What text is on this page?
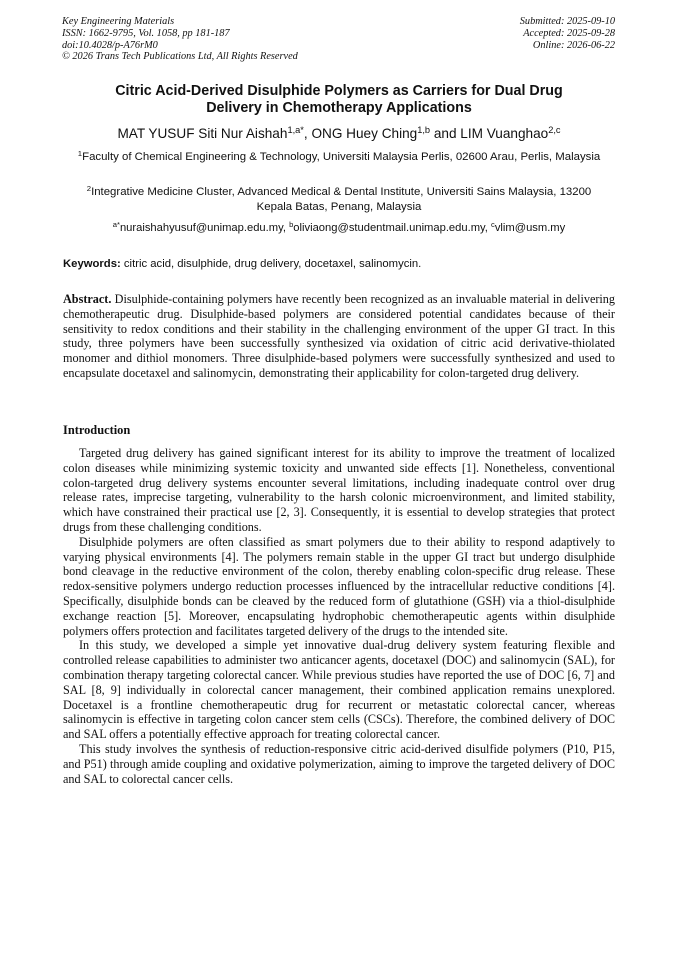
Key Engineering Materials
ISSN: 1662-9795, Vol. 1058, pp 181-187
doi:10.4028/p-A76rM0
© 2026 Trans Tech Publications Ltd, All Rights Reserved
Submitted: 2025-09-10
Accepted: 2025-09-28
Online: 2026-06-22
Citric Acid-Derived Disulphide Polymers as Carriers for Dual Drug
Delivery in Chemotherapy Applications
MAT YUSUF Siti Nur Aishah$^{1,a*}$, ONG Huey Ching$^{1,b}$ and LIM Vuanghao$^{2,c}$
$^1$Faculty of Chemical Engineering & Technology, Universiti Malaysia Perlis, 02600 Arau, Perlis, Malaysia
$^2$Integrative Medicine Cluster, Advanced Medical & Dental Institute, Universiti Sains Malaysia, 13200 Kepala Batas, Penang, Malaysia
$^{a*}$nuraishahyusuf@unimap.edu.my, $^b$oliviaong@studentmail.unimap.edu.my, $^c$vlim@usm.my
Keywords: citric acid, disulphide, drug delivery, docetaxel, salinomycin.

Abstract. Disulphide-containing polymers have recently been recognized as an invaluable material in delivering chemotherapeutic drug. Disulphide-based polymers are considered potential candidates because of their sensitivity to redox conditions and their stability in the challenging environment of the upper GI tract. In this study, three polymers have been successfully synthesized via oxidation of citric acid derivative-thiolated monomer and dithiol monomers. Three disulphide-based polymers were successfully synthesized and used to encapsulate docetaxel and salinomycin, demonstrating their applicability for colon-targeted drug delivery.

Introduction

Targeted drug delivery has gained significant interest for its ability to improve the treatment of localized colon diseases while minimizing systemic toxicity and unwanted side effects [1]. Nonetheless, conventional colon-targeted drug delivery systems encounter several limitations, including inadequate control over drug release rates, imprecise targeting, vulnerability to the harsh colonic microenvironment, and limited stability, which have constrained their practical use [2, 3]. Consequently, it is essential to develop strategies that protect drugs from these challenging conditions.

Disulphide polymers are often classified as smart polymers due to their ability to respond adaptively to varying physical environments [4]. The polymers remain stable in the upper GI tract but undergo disulphide bond cleavage in the reductive environment of the colon, thereby enabling colon-specific drug release. These redox-sensitive polymers undergo reduction processes influenced by the intracellular reductive conditions [4]. Specifically, disulphide bonds can be cleaved by the reduced form of glutathione (GSH) via a thiol-disulphide exchange reaction [5]. Moreover, encapsulating hydrophobic chemotherapeutic agents within disulphide polymers offers protection and facilitates targeted delivery of the drugs to the intended site.

In this study, we developed a simple yet innovative dual-drug delivery system featuring flexible and controlled release capabilities to administer two anticancer agents, docetaxel (DOC) and salinomycin (SAL), for combination therapy targeting colorectal cancer. While previous studies have reported the use of DOC [6, 7] and SAL [8, 9] individually in colorectal cancer management, their combined application remains unexplored. Docetaxel is a frontline chemotherapeutic drug for recurrent or metastatic colorectal cancer, whereas salinomycin is effective in targeting colon cancer stem cells (CSCs). Therefore, the combined delivery of DOC and SAL offers a potentially effective approach for treating colorectal cancer.

This study involves the synthesis of reduction-responsive citric acid-derived disulfide polymers (P10, P15, and P51) through amide coupling and oxidative polymerization, aiming to improve the targeted delivery of DOC and SAL to colorectal cancer cells.
